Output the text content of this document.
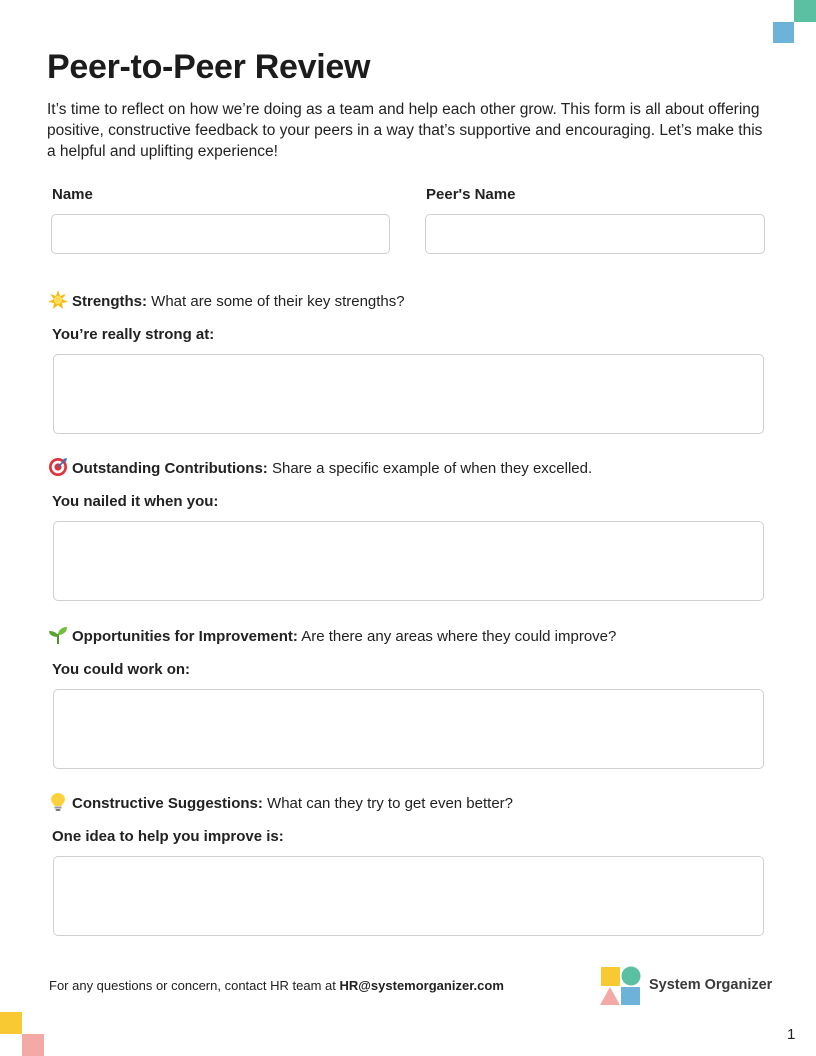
Peer-to-Peer Review

It’s time to reflect on how we’re doing as a team and help each other grow. This form is all about offering positive, constructive feedback to your peers in a way that’s supportive and encouraging. Let’s make this a helpful and uplifting experience!

Name	Peer's Name
Strengths: What are some of their key strengths?
You’re really strong at:
Outstanding Contributions: Share a specific example of when they excelled.
You nailed it when you:
Opportunities for Improvement: Are there any areas where they could improve?
You could work on:
Constructive Suggestions: What can they try to get even better?
One idea to help you improve is:
For any questions or concern, contact HR team at HR@systemorganizer.com	System Organizer
1
